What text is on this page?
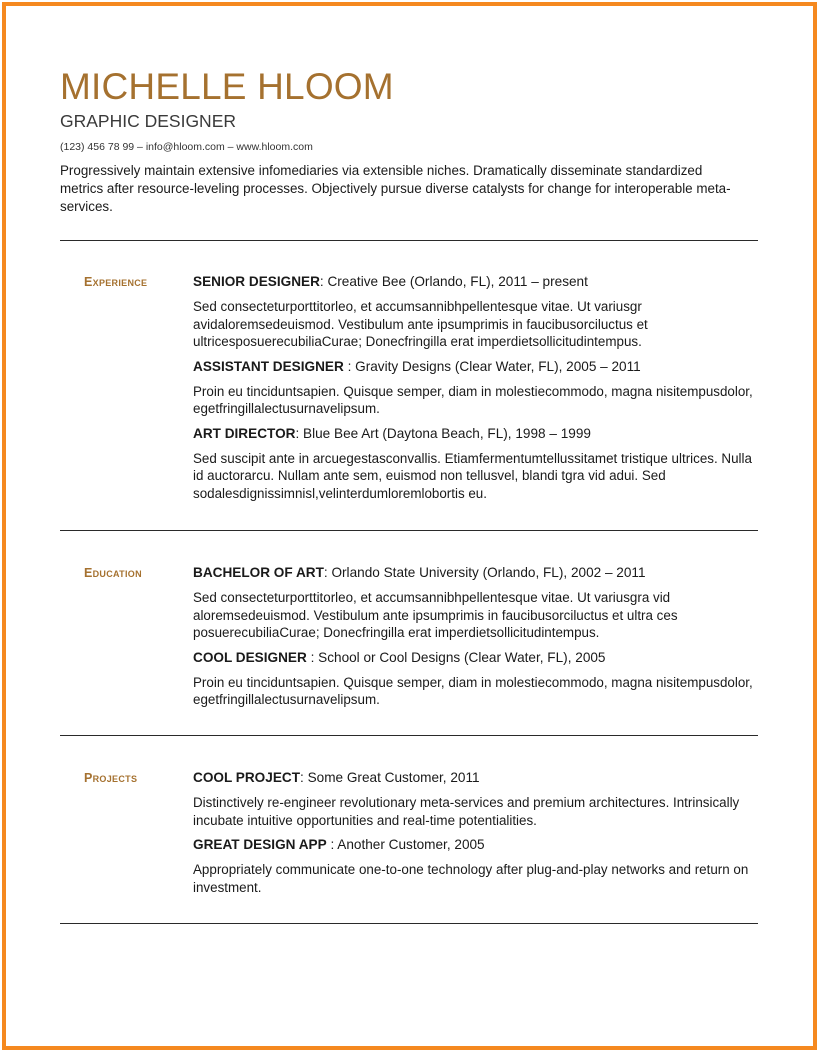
MICHELLE HLOOM
GRAPHIC DESIGNER
(123) 456 78 99 – info@hloom.com – www.hloom.com
Progressively maintain extensive infomediaries via extensible niches. Dramatically disseminate standardized metrics after resource-leveling processes. Objectively pursue diverse catalysts for change for interoperable meta-services.
Experience	SENIOR DESIGNER: Creative Bee (Orlando, FL), 2011 – present
Sed consecteturporttitorleo, et accumsannibhpellentesque vitae. Ut variusgr avidaloremsedeuismod. Vestibulum ante ipsumprimis in faucibusorciluctus et ultricesposuerecubiliaCurae; Donecfringilla erat imperdietsollicitudintempus.
ASSISTANT DESIGNER : Gravity Designs (Clear Water, FL), 2005 – 2011
Proin eu tinciduntsapien. Quisque semper, diam in molestiecommodo, magna nisitempusdolor, egetfringillalectusurnavelipsum.
ART DIRECTOR: Blue Bee Art (Daytona Beach, FL), 1998 – 1999
Sed suscipit ante in arcuegestasconvallis. Etiamfermentumtellussitamet tristique ultrices. Nulla id auctorarcu. Nullam ante sem, euismod non tellusvel, blandi tgra vid adui. Sed sodalesdignissimnisl,velinterdumloremlobortis eu.
Education	BACHELOR OF ART: Orlando State University (Orlando, FL), 2002 – 2011
Sed consecteturporttitorleo, et accumsannibhpellentesque vitae. Ut variusgra vid aloremsedeuismod. Vestibulum ante ipsumprimis in faucibusorciluctus et ultra ces posuerecubiliaCurae; Donecfringilla erat imperdietsollicitudintempus.
COOL DESIGNER : School or Cool Designs (Clear Water, FL), 2005
Proin eu tinciduntsapien. Quisque semper, diam in molestiecommodo, magna nisitempusdolor, egetfringillalectusurnavelipsum.
Projects	COOL PROJECT: Some Great Customer, 2011
Distinctively re-engineer revolutionary meta-services and premium architectures. Intrinsically incubate intuitive opportunities and real-time potentialities.
GREAT DESIGN APP : Another Customer, 2005
Appropriately communicate one-to-one technology after plug-and-play networks and return on investment.
